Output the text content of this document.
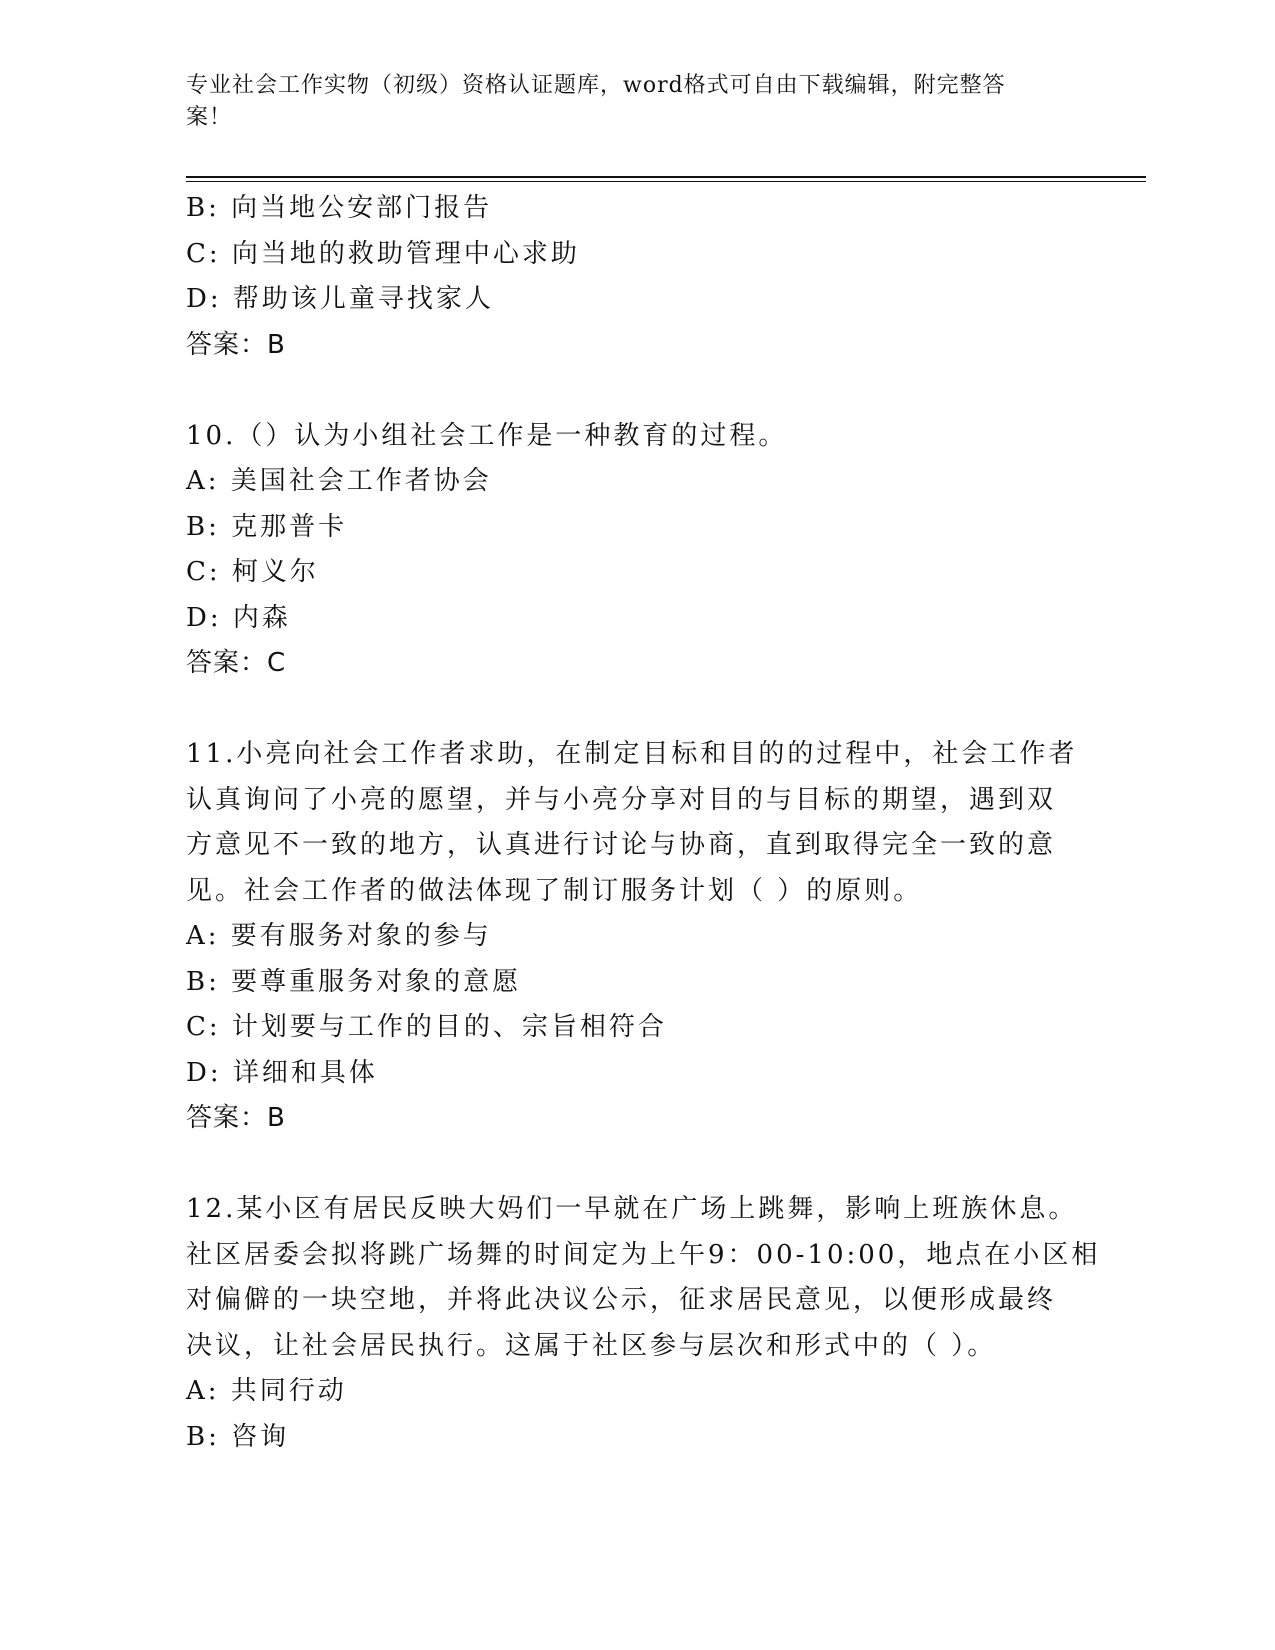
专业社会工作实物（初级）资格认证题库，word格式可自由下载编辑，附完整答
案！
B: 向当地公安部门报告
C: 向当地的救助管理中心求助
D: 帮助该儿童寻找家人
答案：B
10.（）认为小组社会工作是一种教育的过程。
A: 美国社会工作者协会
B: 克那普卡
C: 柯义尔
D: 内森
答案：C
11.小亮向社会工作者求助，在制定目标和目的的过程中，社会工作者
认真询问了小亮的愿望，并与小亮分享对目的与目标的期望，遇到双
方意见不一致的地方，认真进行讨论与协商，直到取得完全一致的意
见。社会工作者的做法体现了制订服务计划（ ）的原则。
A: 要有服务对象的参与
B: 要尊重服务对象的意愿
C: 计划要与工作的目的、宗旨相符合
D: 详细和具体
答案：B
12.某小区有居民反映大妈们一早就在广场上跳舞，影响上班族休息。
社区居委会拟将跳广场舞的时间定为上午9：00-10:00，地点在小区相
对偏僻的一块空地，并将此决议公示，征求居民意见，以便形成最终
决议，让社会居民执行。这属于社区参与层次和形式中的（ ）。
A: 共同行动
B: 咨询
